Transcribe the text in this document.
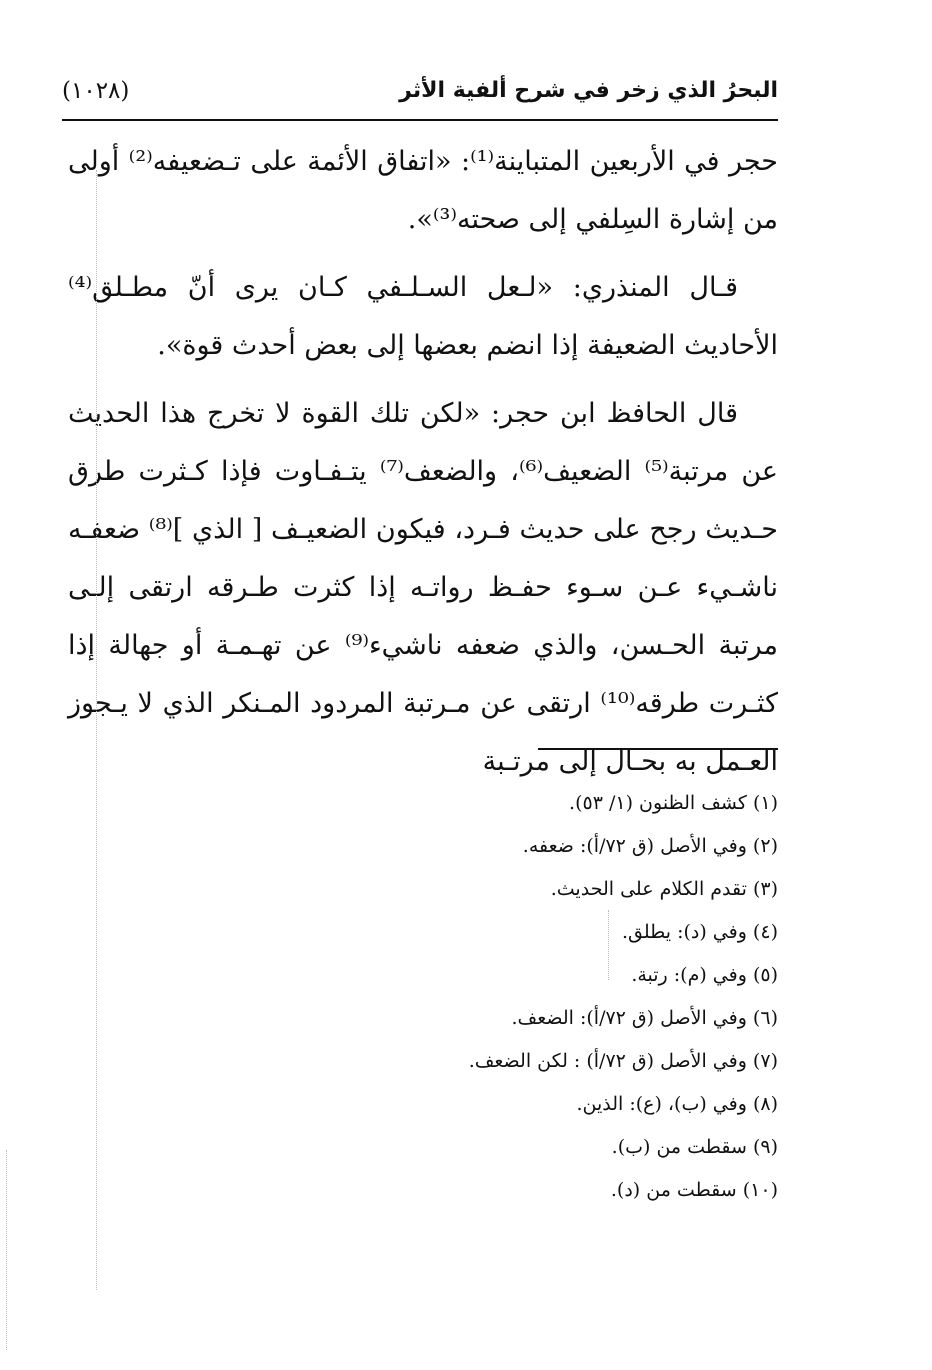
البحرُ الذي زخر في شرح ألفية الأثر
(١٠٢٨)

حجر في الأربعين المتباينة⁽¹⁾: «اتفاق الأئمة على تـضعيفه⁽²⁾ أولى من إشارة السِلفي إلى صحته⁽³⁾».

قـال المنذري: «لـعل السـلـفي كـان يرى أنّ مطـلق⁽⁴⁾ الأحاديث الضعيفة إذا انضم بعضها إلى بعض أحدث قوة».

قال الحافظ ابن حجر: «لكن تلك القوة لا تخرج هذا الحديث عن مرتبة⁽⁵⁾ الضعيف⁽⁶⁾، والضعف⁽⁷⁾ يتـفـاوت فإذا كـثرت طرق حـديث رجح على حديث فـرد، فيكون الضعيـف [ الذي ]⁽⁸⁾ ضعفـه ناشـيء عـن سـوء حفـظ رواتـه إذا كثرت طـرقه ارتقى إلـى مرتبة الحـسن، والذي ضعفه ناشيء⁽⁹⁾ عن تهـمـة أو جهالة إذا كثـرت طرقه⁽¹⁰⁾ ارتقى عن مـرتبة المردود المـنكر الذي لا يـجوز العـمل به بحـال إلى مرتـبة

(١) كشف الظنون (١/ ٥٣).
(٢) وفي الأصل (ق ٧٢/أ): ضعفه.
(٣) تقدم الكلام على الحديث.
(٤) وفي (د): يطلق.
(٥) وفي (م): رتبة.
(٦) وفي الأصل (ق ٧٢/أ): الضعف.
(٧) وفي الأصل (ق ٧٢/أ) : لكن الضعف.
(٨) وفي (ب)، (ع): الذين.
(٩) سقطت من (ب).
(١٠) سقطت من (د).
